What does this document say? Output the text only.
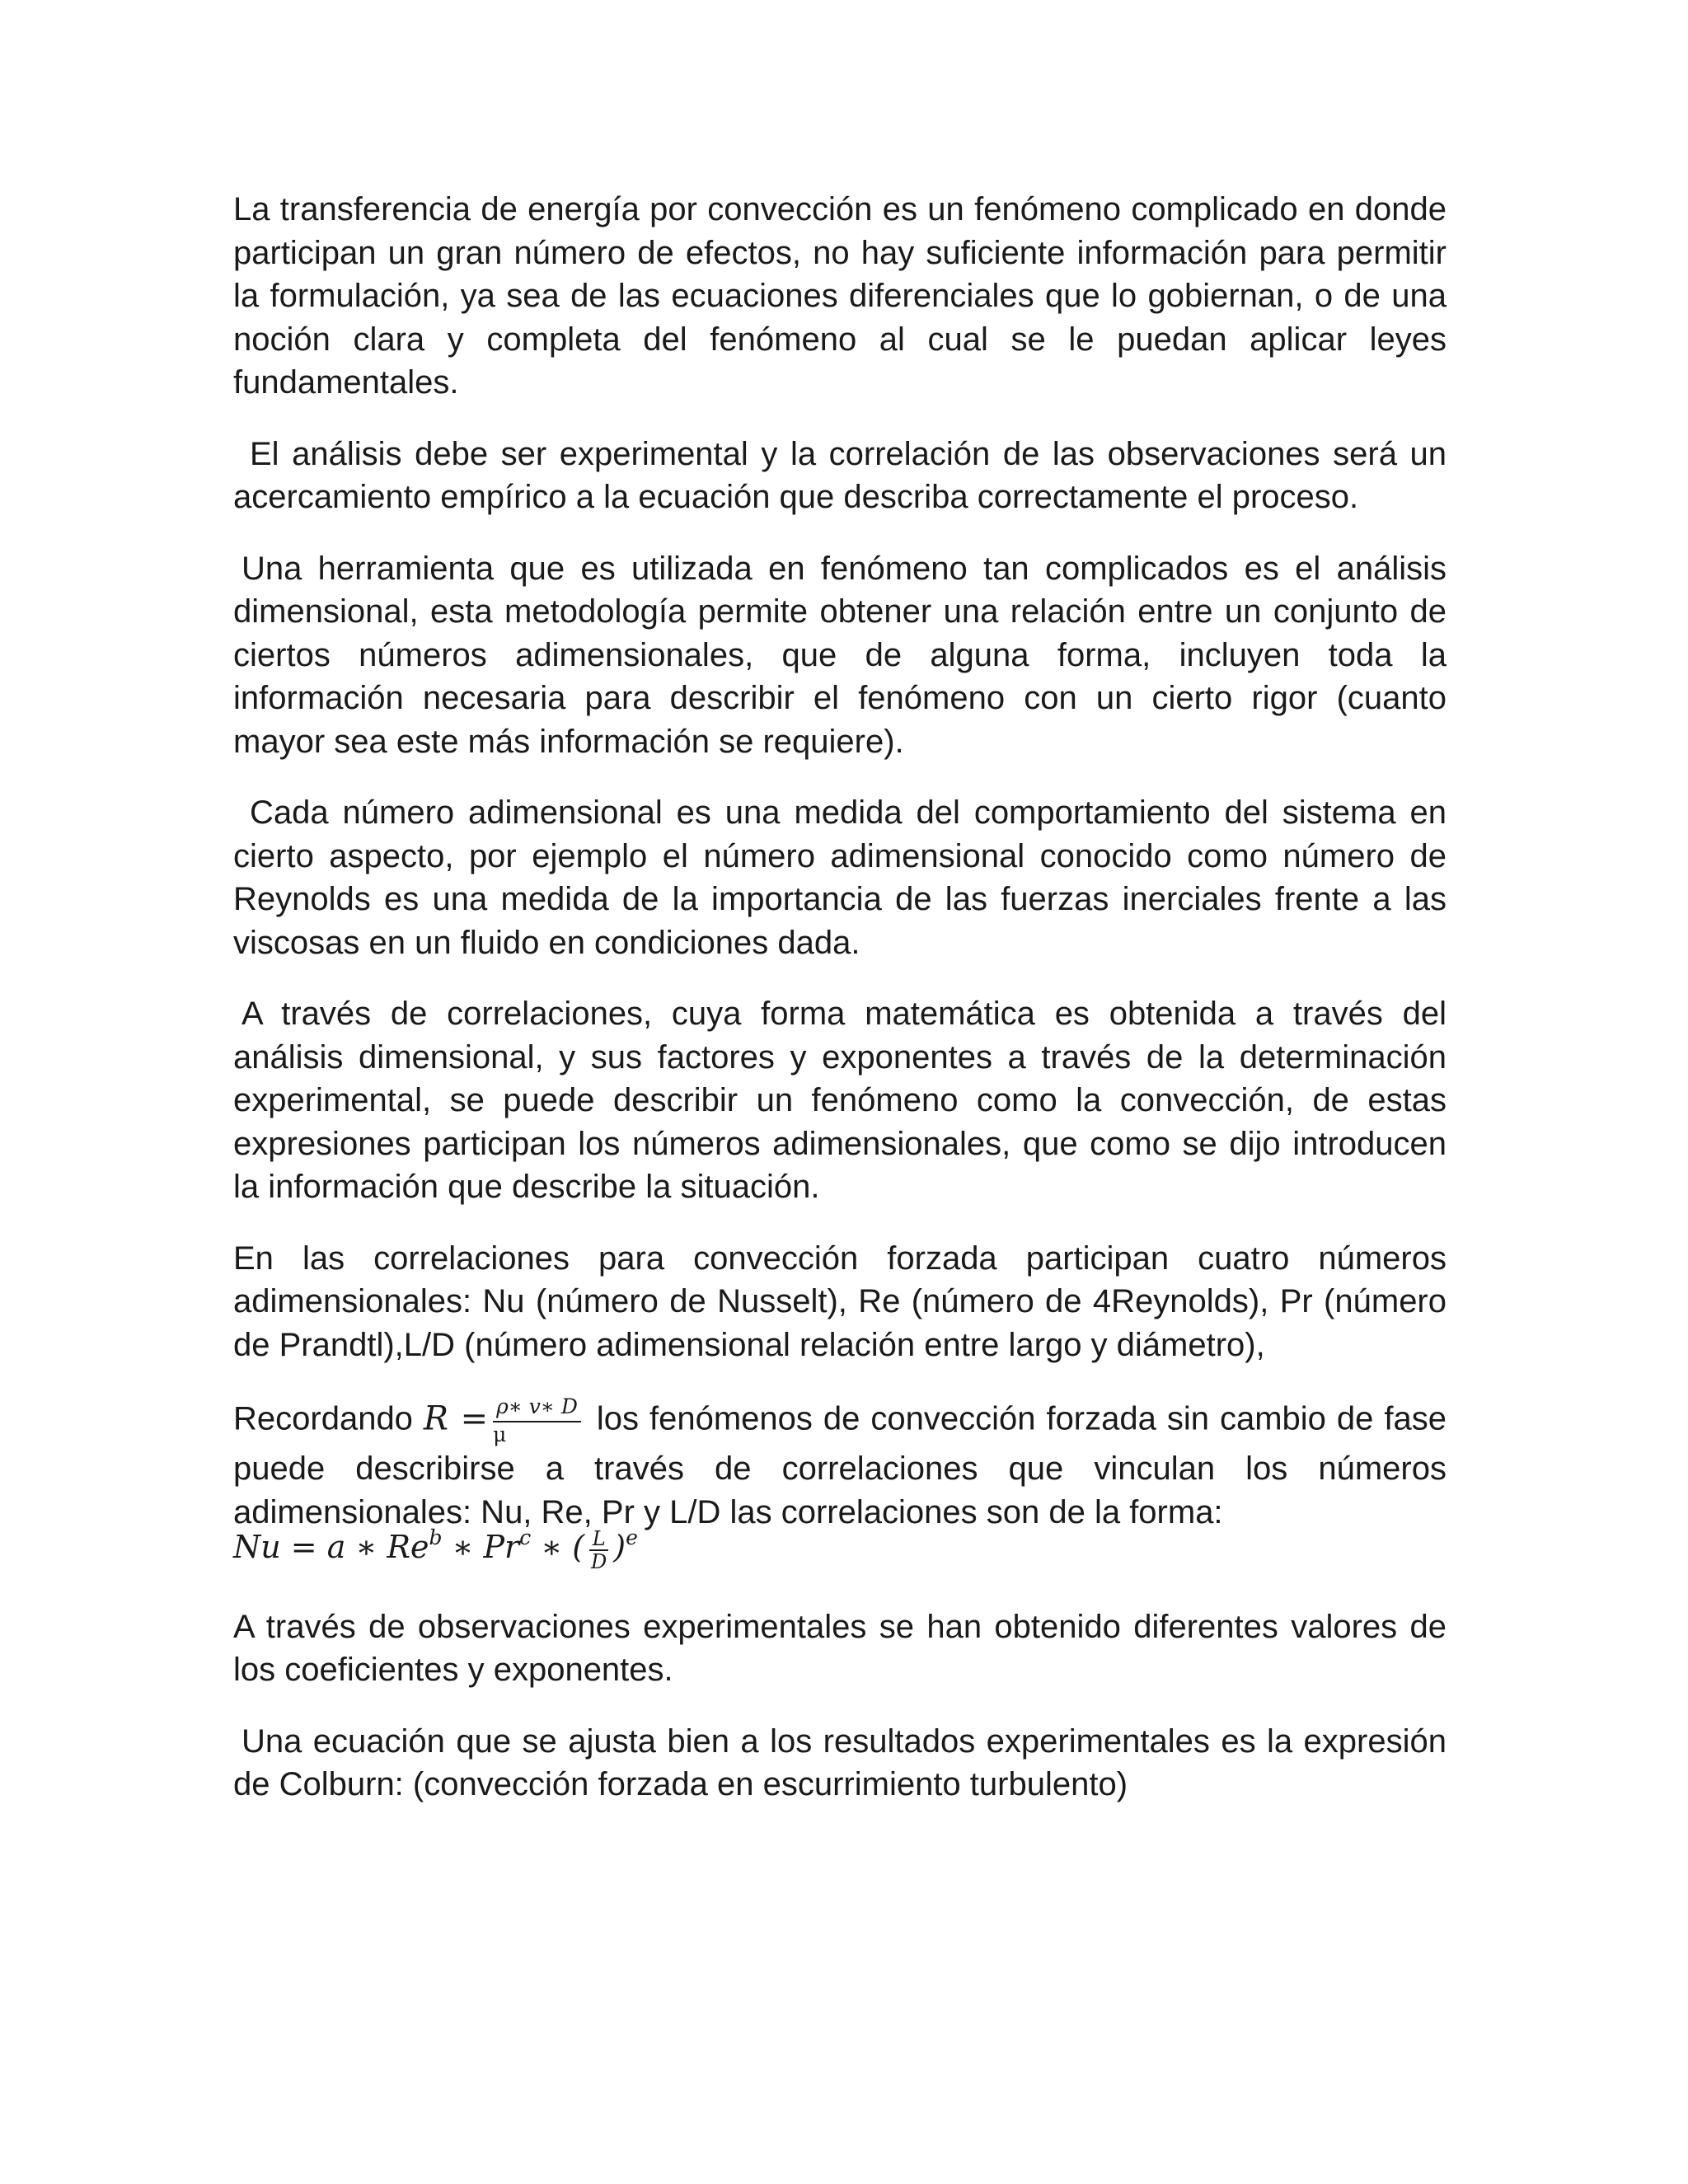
La transferencia de energía por convección es un fenómeno complicado en donde participan un gran número de efectos, no hay suficiente información para permitir la formulación, ya sea de las ecuaciones diferenciales que lo gobiernan, o de una noción clara y completa del fenómeno al cual se le puedan aplicar leyes fundamentales.

El análisis debe ser experimental y la correlación de las observaciones será un acercamiento empírico a la ecuación que describa correctamente el proceso.

Una herramienta que es utilizada en fenómeno tan complicados es el análisis dimensional, esta metodología permite obtener una relación entre un conjunto de ciertos números adimensionales, que de alguna forma, incluyen toda la información necesaria para describir el fenómeno con un cierto rigor (cuanto mayor sea este más información se requiere).

Cada número adimensional es una medida del comportamiento del sistema en cierto aspecto, por ejemplo el número adimensional conocido como número de Reynolds es una medida de la importancia de las fuerzas inerciales frente a las viscosas en un fluido en condiciones dada.

A través de correlaciones, cuya forma matemática es obtenida a través del análisis dimensional, y sus factores y exponentes a través de la determinación experimental, se puede describir un fenómeno como la convección, de estas expresiones participan los números adimensionales, que como se dijo introducen la información que describe la situación.

En las correlaciones para convección forzada participan cuatro números adimensionales: Nu (número de Nusselt), Re (número de 4Reynolds), Pr (número de Prandtl),L/D (número adimensional relación entre largo y diámetro),

Recordando $R = \frac{\rho∗ v∗ D}{\mu}$ los fenómenos de convección forzada sin cambio de fase puede describirse a través de correlaciones que vinculan los números adimensionales: Nu, Re, Pr y L/D las correlaciones son de la forma:

Nu = a ∗ Re$^b$ ∗ Pr$^c$ ∗ ( $\frac{L}{D} )^e$

A través de observaciones experimentales se han obtenido diferentes valores de los coeficientes y exponentes.

Una ecuación que se ajusta bien a los resultados experimentales es la expresión de Colburn: (convección forzada en escurrimiento turbulento)
